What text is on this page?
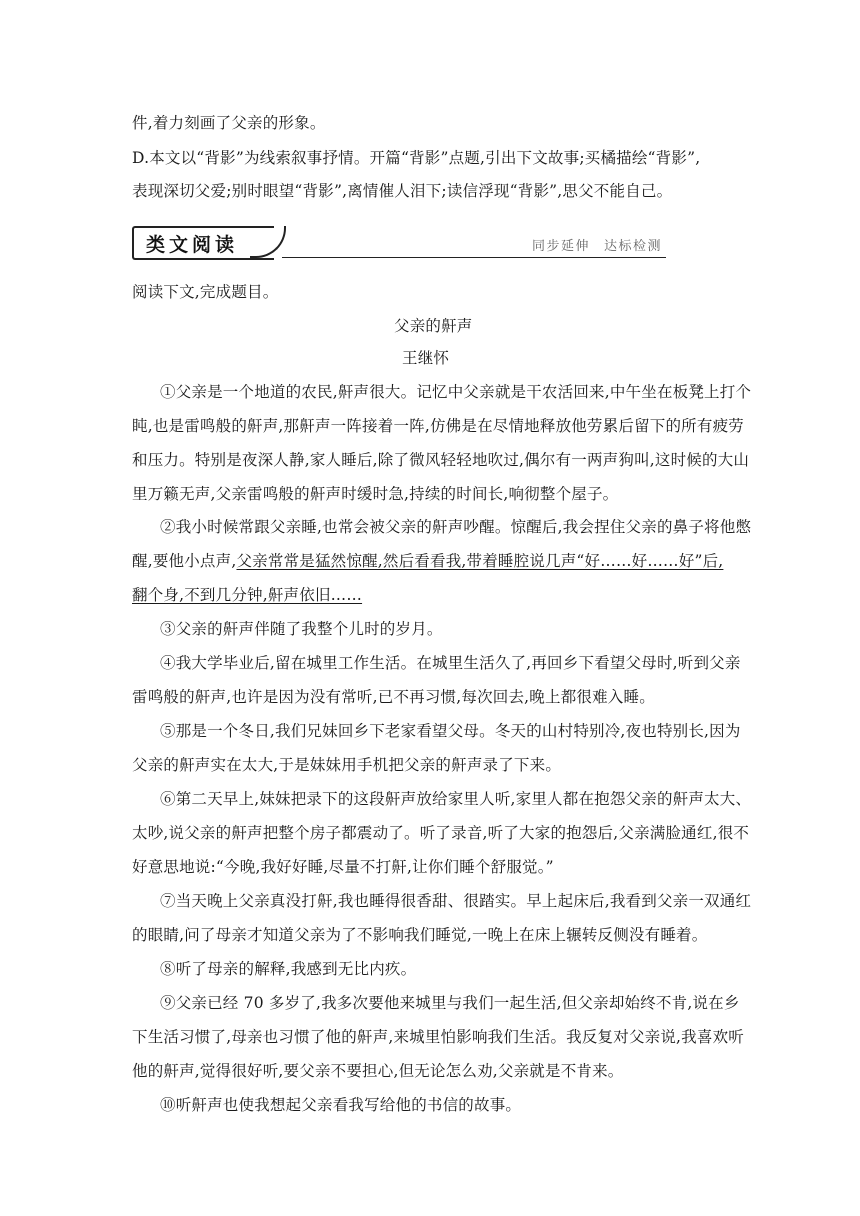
件,着力刻画了父亲的形象。
D.本文以“背影”为线索叙事抒情。开篇“背影”点题,引出下文故事;买橘描绘“背影”,
表现深切父爱;别时眼望“背影”,离情催人泪下;读信浮现“背影”,思父不能自己。
类文阅读	同步延伸 达标检测
阅读下文,完成题目。
父亲的鼾声
王继怀
①父亲是一个地道的农民,鼾声很大。记忆中父亲就是干农活回来,中午坐在板凳上打个
盹,也是雷鸣般的鼾声,那鼾声一阵接着一阵,仿佛是在尽情地释放他劳累后留下的所有疲劳
和压力。特别是夜深人静,家人睡后,除了微风轻轻地吹过,偶尔有一两声狗叫,这时候的大山
里万籁无声,父亲雷鸣般的鼾声时缓时急,持续的时间长,响彻整个屋子。
②我小时候常跟父亲睡,也常会被父亲的鼾声吵醒。惊醒后,我会捏住父亲的鼻子将他憋
醒,要他小点声,父亲常常是猛然惊醒,然后看看我,带着睡腔说几声“好……好……好”后,
翻个身,不到几分钟,鼾声依旧……
③父亲的鼾声伴随了我整个儿时的岁月。
④我大学毕业后,留在城里工作生活。在城里生活久了,再回乡下看望父母时,听到父亲
雷鸣般的鼾声,也许是因为没有常听,已不再习惯,每次回去,晚上都很难入睡。
⑤那是一个冬日,我们兄妹回乡下老家看望父母。冬天的山村特别冷,夜也特别长,因为
父亲的鼾声实在太大,于是妹妹用手机把父亲的鼾声录了下来。
⑥第二天早上,妹妹把录下的这段鼾声放给家里人听,家里人都在抱怨父亲的鼾声太大、
太吵,说父亲的鼾声把整个房子都震动了。听了录音,听了大家的抱怨后,父亲满脸通红,很不
好意思地说:“今晚,我好好睡,尽量不打鼾,让你们睡个舒服觉。”
⑦当天晚上父亲真没打鼾,我也睡得很香甜、很踏实。早上起床后,我看到父亲一双通红
的眼睛,问了母亲才知道父亲为了不影响我们睡觉,一晚上在床上辗转反侧没有睡着。
⑧听了母亲的解释,我感到无比内疚。
⑨父亲已经 70 多岁了,我多次要他来城里与我们一起生活,但父亲却始终不肯,说在乡
下生活习惯了,母亲也习惯了他的鼾声,来城里怕影响我们生活。我反复对父亲说,我喜欢听
他的鼾声,觉得很好听,要父亲不要担心,但无论怎么劝,父亲就是不肯来。
⑩听鼾声也使我想起父亲看我写给他的书信的故事。
